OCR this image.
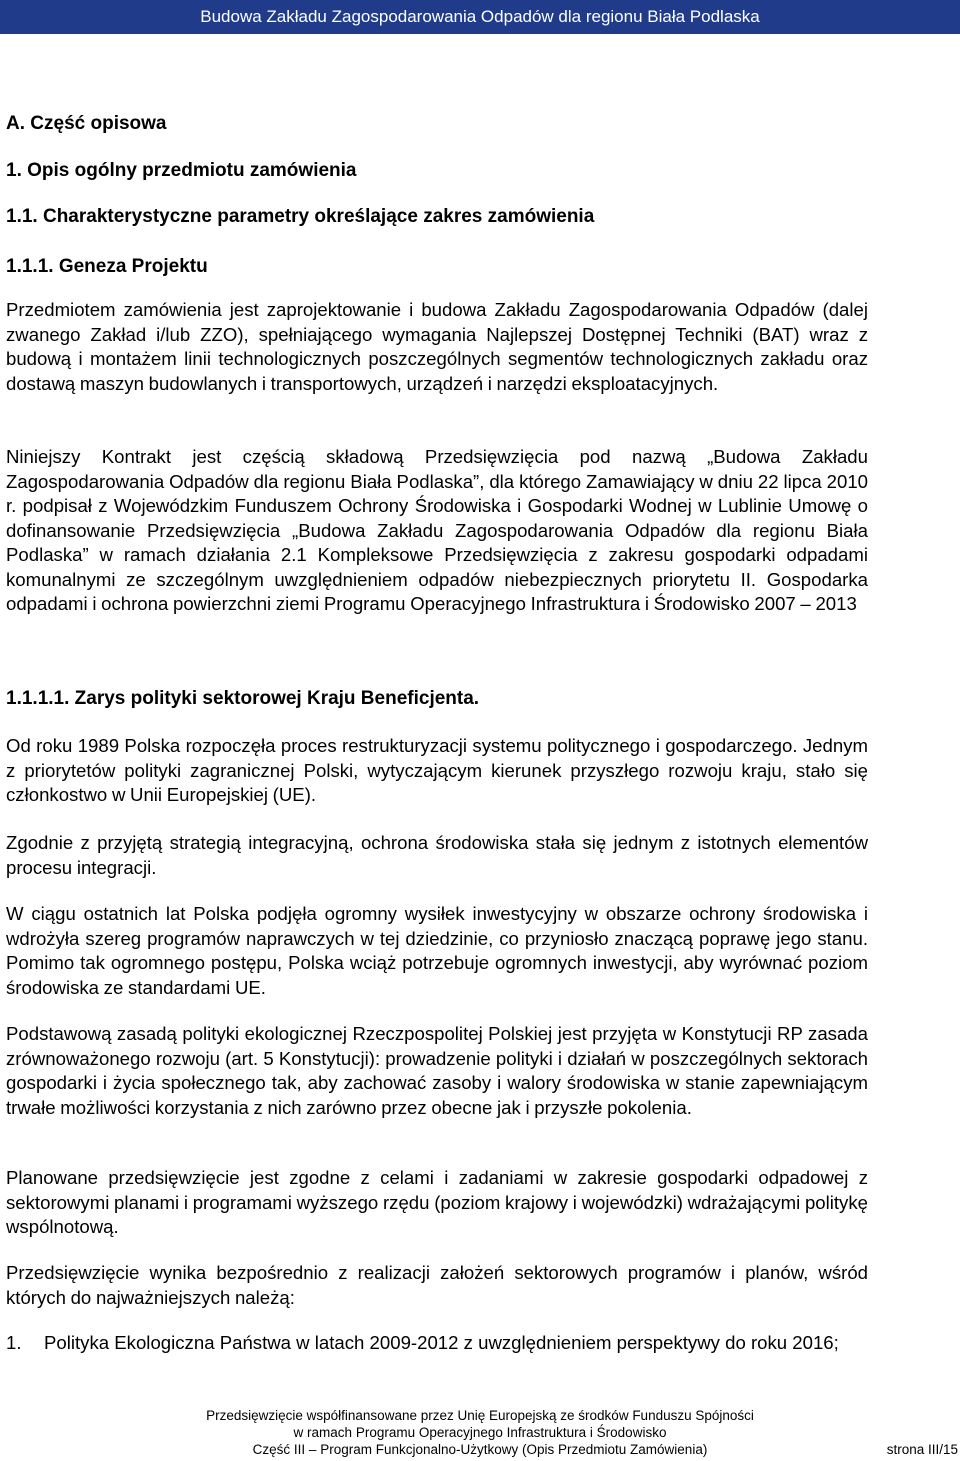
Budowa Zakładu Zagospodarowania Odpadów dla regionu Biała Podlaska
A. Część opisowa
1. Opis ogólny przedmiotu zamówienia
1.1. Charakterystyczne parametry określające zakres zamówienia
1.1.1. Geneza Projektu
Przedmiotem zamówienia jest zaprojektowanie i budowa Zakładu Zagospodarowania Odpadów (dalej zwanego Zakład i/lub ZZO), spełniającego wymagania Najlepszej Dostępnej Techniki (BAT) wraz z budową i montażem linii technologicznych poszczególnych segmentów technologicznych zakładu oraz dostawą maszyn budowlanych i transportowych, urządzeń i narzędzi eksploatacyjnych.
Niniejszy Kontrakt jest częścią składową Przedsięwzięcia pod nazwą „Budowa Zakładu Zagospodarowania Odpadów dla regionu Biała Podlaska”, dla którego Zamawiający w dniu 22 lipca 2010 r. podpisał z Wojewódzkim Funduszem Ochrony Środowiska i Gospodarki Wodnej w Lublinie Umowę o dofinansowanie Przedsięwzięcia „Budowa Zakładu Zagospodarowania Odpadów dla regionu Biała Podlaska” w ramach działania 2.1 Kompleksowe Przedsięwzięcia z zakresu gospodarki odpadami komunalnymi ze szczególnym uwzględnieniem odpadów niebezpiecznych priorytetu II. Gospodarka odpadami i ochrona powierzchni ziemi Programu Operacyjnego Infrastruktura i Środowisko 2007 – 2013
1.1.1.1. Zarys polityki sektorowej Kraju Beneficjenta.
Od roku 1989 Polska rozpoczęła proces restrukturyzacji systemu politycznego i gospodarczego. Jednym z priorytetów polityki zagranicznej Polski, wytyczającym kierunek przyszłego rozwoju kraju, stało się członkostwo w Unii Europejskiej (UE).
Zgodnie z przyjętą strategią integracyjną, ochrona środowiska stała się jednym z istotnych elementów procesu integracji.
W ciągu ostatnich lat Polska podjęła ogromny wysiłek inwestycyjny w obszarze ochrony środowiska i wdrożyła szereg programów naprawczych w tej dziedzinie, co przyniosło znaczącą poprawę jego stanu. Pomimo tak ogromnego postępu, Polska wciąż potrzebuje ogromnych inwestycji, aby wyrównać poziom środowiska ze standardami UE.
Podstawową zasadą polityki ekologicznej Rzeczpospolitej Polskiej jest przyjęta w Konstytucji RP zasada zrównoważonego rozwoju (art. 5 Konstytucji): prowadzenie polityki i działań w poszczególnych sektorach gospodarki i życia społecznego tak, aby zachować zasoby i walory środowiska w stanie zapewniającym trwałe możliwości korzystania z nich zarówno przez obecne jak i przyszłe pokolenia.
Planowane przedsięwzięcie jest zgodne z celami i zadaniami w zakresie gospodarki odpadowej z sektorowymi planami i programami wyższego rzędu (poziom krajowy i wojewódzki) wdrażającymi politykę wspólnotową.
Przedsięwzięcie wynika bezpośrednio z realizacji założeń sektorowych programów i planów, wśród których do najważniejszych należą:
1. Polityka Ekologiczna Państwa w latach 2009-2012 z uwzględnieniem perspektywy do roku 2016;
Przedsięwzięcie współfinansowane przez Unię Europejską ze środków Funduszu Spójności
w ramach Programu Operacyjnego Infrastruktura i Środowisko
Część III – Program Funkcjonalno-Użytkowy (Opis Przedmiotu Zamówienia)	strona III/15
